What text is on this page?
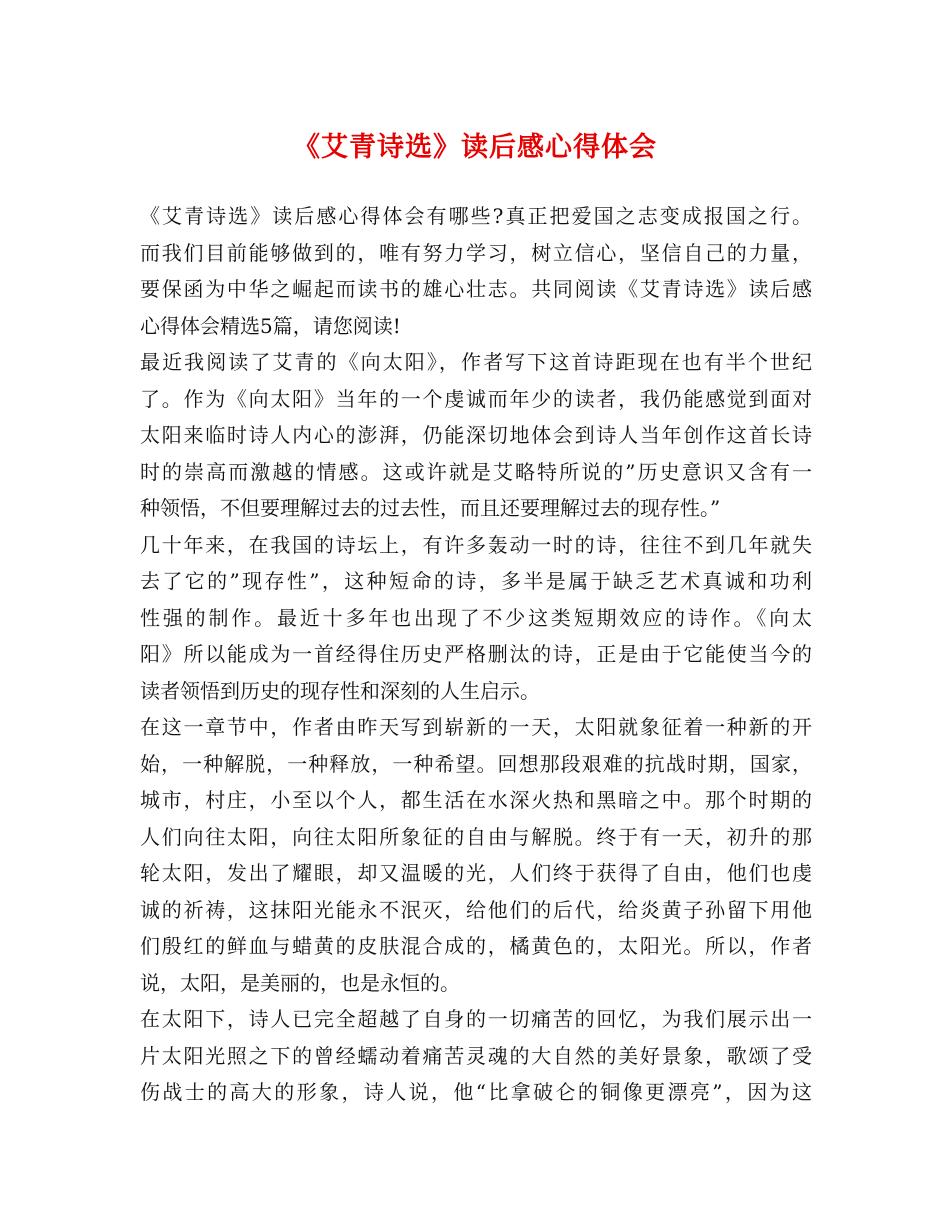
《艾青诗选》读后感心得体会
《艾青诗选》读后感心得体会有哪些?真正把爱国之志变成报国之行。
而我们目前能够做到的，唯有努力学习，树立信心，坚信自己的力量，
要保函为中华之崛起而读书的雄心壮志。共同阅读《艾青诗选》读后感
心得体会精选5篇，请您阅读!
最近我阅读了艾青的《向太阳》，作者写下这首诗距现在也有半个世纪
了。作为《向太阳》当年的一个虔诚而年少的读者，我仍能感觉到面对
太阳来临时诗人内心的澎湃，仍能深切地体会到诗人当年创作这首长诗
时的崇高而激越的情感。这或许就是艾略特所说的”历史意识又含有一
种领悟，不但要理解过去的过去性，而且还要理解过去的现存性。”
几十年来，在我国的诗坛上，有许多轰动一时的诗，往往不到几年就失
去了它的”现存性”，这种短命的诗，多半是属于缺乏艺术真诚和功利
性强的制作。最近十多年也出现了不少这类短期效应的诗作。《向太
阳》所以能成为一首经得住历史严格删汰的诗，正是由于它能使当今的
读者领悟到历史的现存性和深刻的人生启示。
在这一章节中，作者由昨天写到崭新的一天，太阳就象征着一种新的开
始，一种解脱，一种释放，一种希望。回想那段艰难的抗战时期，国家，
城市，村庄，小至以个人，都生活在水深火热和黑暗之中。那个时期的
人们向往太阳，向往太阳所象征的自由与解脱。终于有一天，初升的那
轮太阳，发出了耀眼，却又温暖的光，人们终于获得了自由，他们也虔
诚的祈祷，这抹阳光能永不泯灭，给他们的后代，给炎黄子孙留下用他
们殷红的鲜血与蜡黄的皮肤混合成的，橘黄色的，太阳光。所以，作者
说，太阳，是美丽的，也是永恒的。
在太阳下，诗人已完全超越了自身的一切痛苦的回忆，为我们展示出一
片太阳光照之下的曾经蠕动着痛苦灵魂的大自然的美好景象，歌颂了受
伤战士的高大的形象，诗人说，他“比拿破仑的铜像更漂亮”，因为这
